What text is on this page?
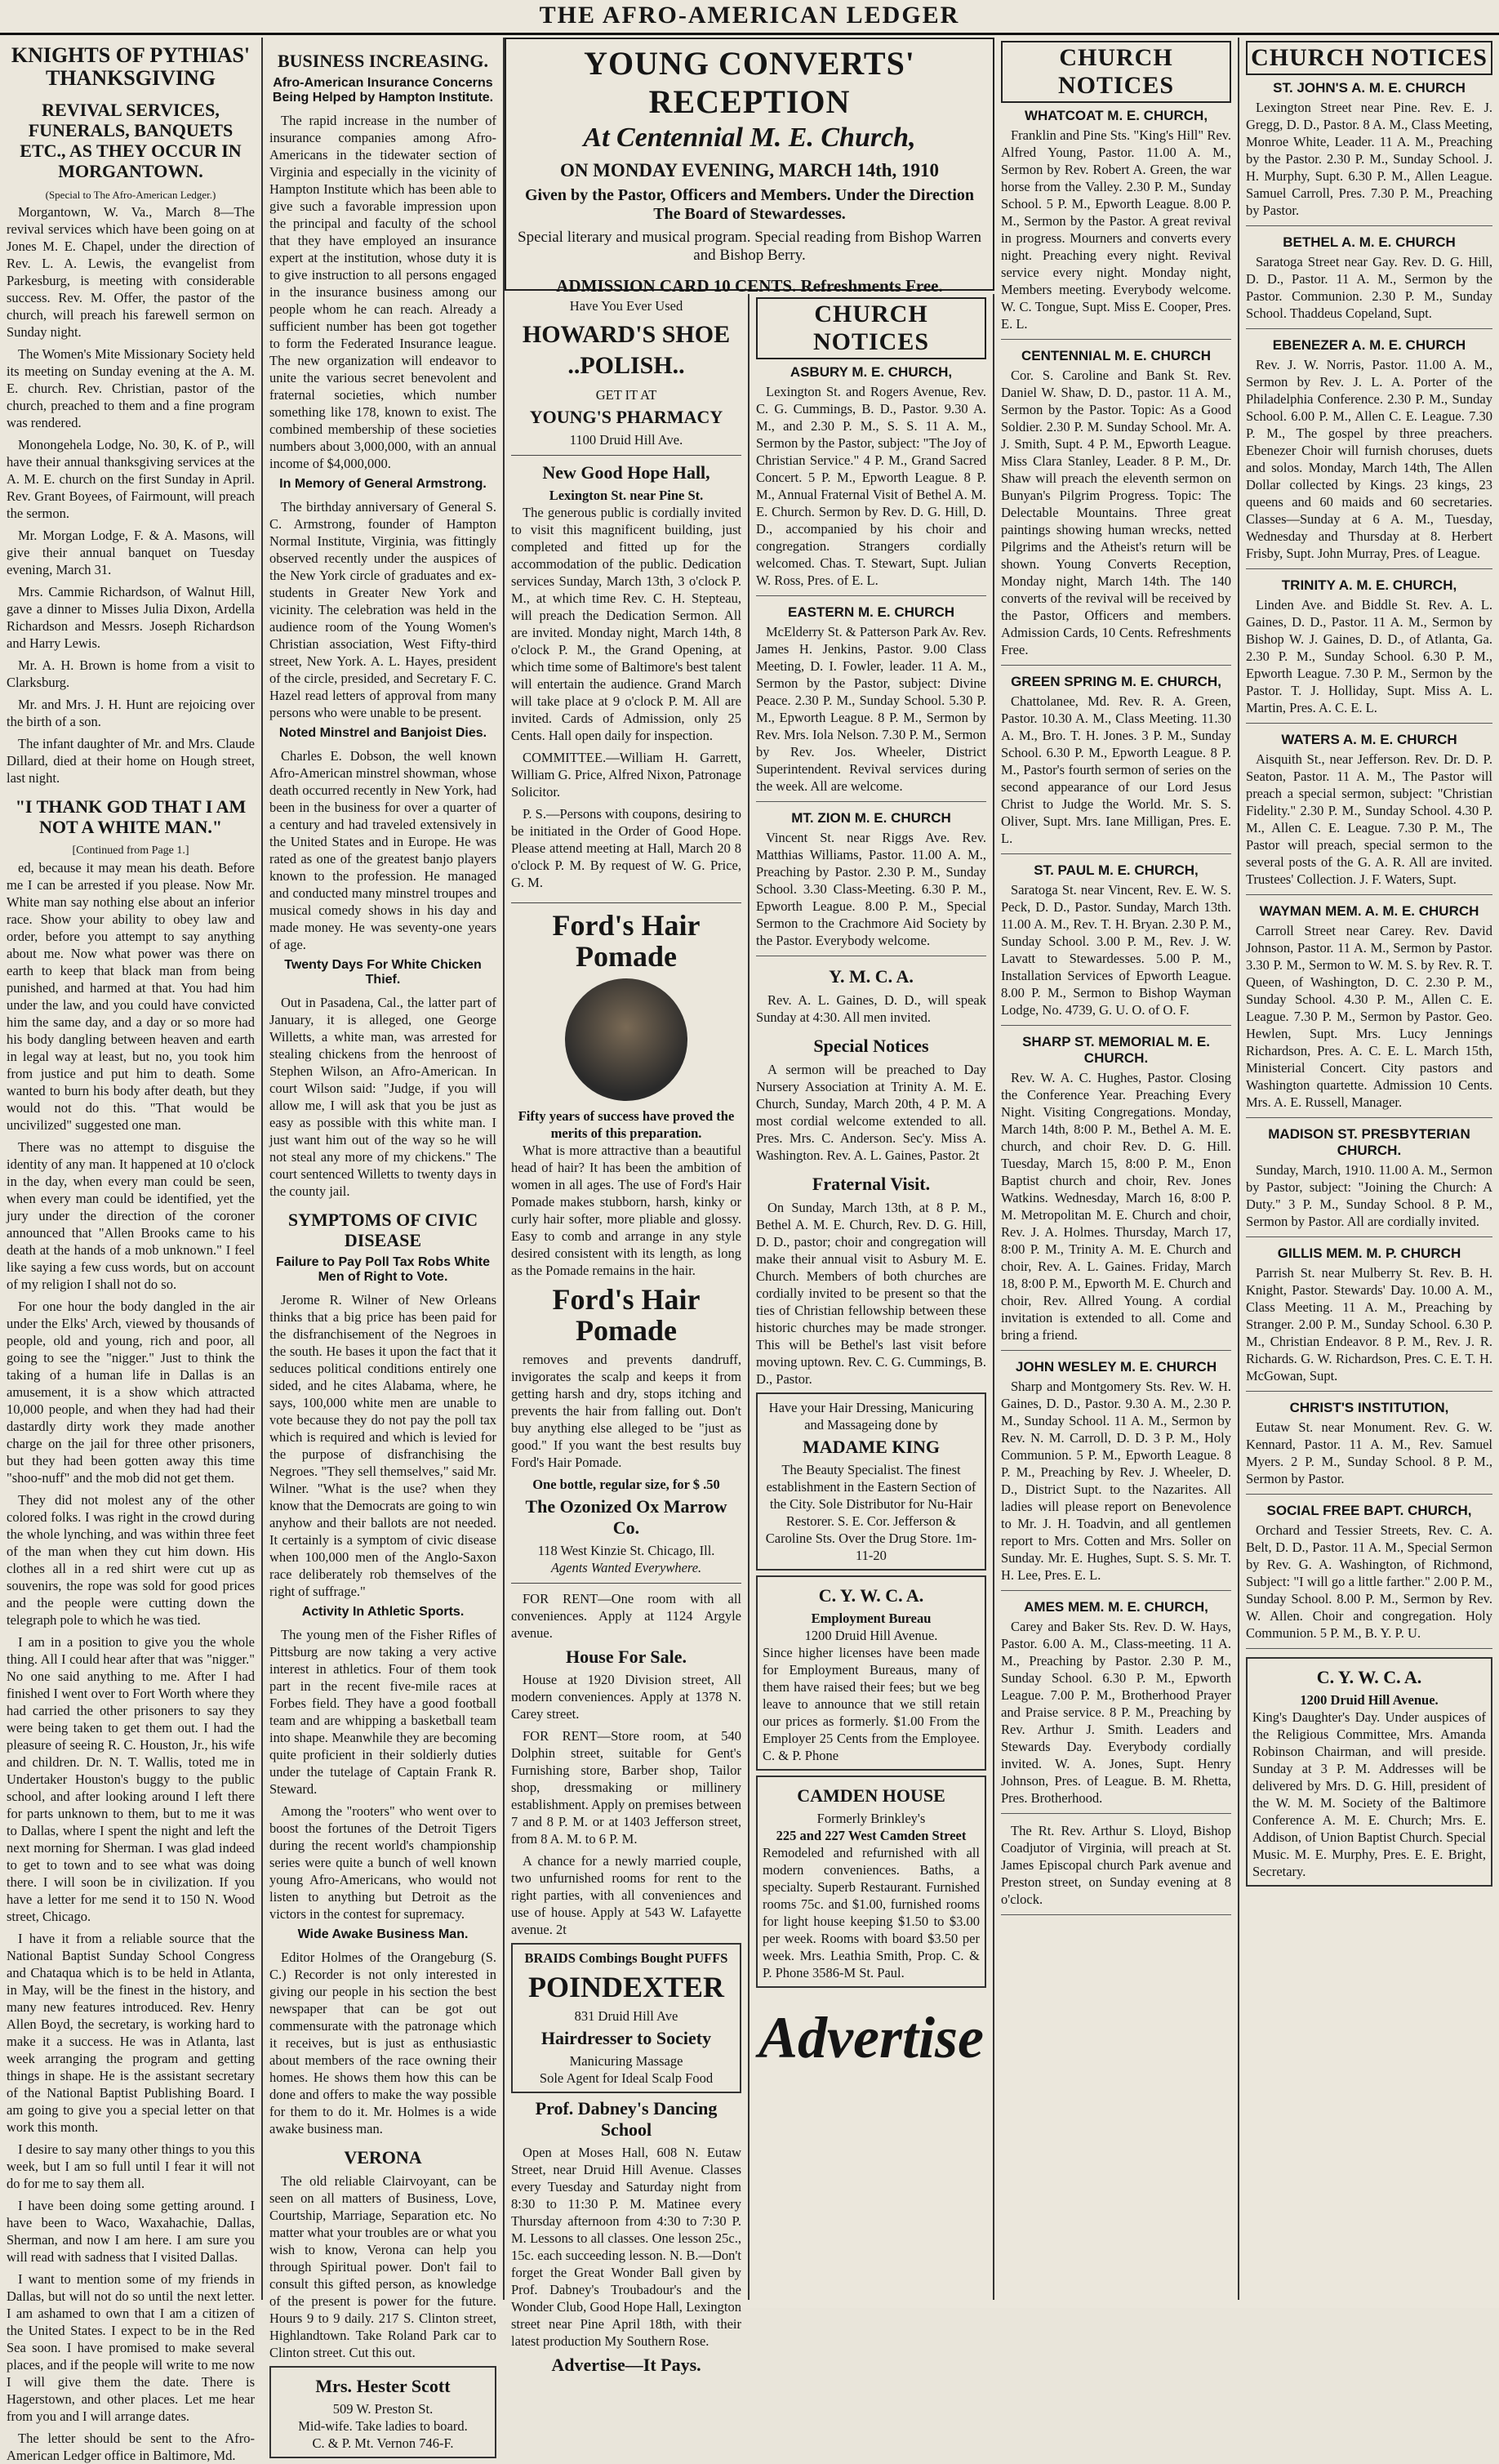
THE AFRO-AMERICAN LEDGER
KNIGHTS OF PYTHIAS' THANKSGIVING
REVIVAL SERVICES, FUNERALS, BANQUETS ETC., AS THEY OCCUR IN MORGANTOWN.
(Special to The Afro-American Ledger.)

Morgantown, W. Va., March 8—The revival services which have been going on at Jones M. E. Chapel, under the direction of Rev. L. A. Lewis, the evangelist from Parkesburg, is meeting with considerable success. Rev. M. Offer, the pastor of the church, will preach his farewell sermon on Sunday night.

The Women's Mite Missionary Society held its meeting on Sunday evening at the A. M. E. church. Rev. Christian, pastor of the church, preached to them and a fine program was rendered.

Monongehela Lodge, No. 30, K. of P., will have their annual thanksgiving services at the A. M. E. church on the first Sunday in April. Rev. Grant Boyees, of Fairmount, will preach the sermon.

Mr. Morgan Lodge, F. & A. Masons, will give their annual banquet on Tuesday evening, March 31.

Mrs. Cammie Richardson, of Walnut Hill, gave a dinner to Misses Julia Dixon, Ardella Richardson and Messrs. Joseph Richardson and Harry Lewis.

Mr. A. H. Brown is home from a visit to Clarksburg.

Mr. and Mrs. J. H. Hunt are rejoicing over the birth of a son.

The infant daughter of Mr. and Mrs. Claude Dillard, died at their home on Hough street, last night.

"I THANK GOD THAT I AM NOT A WHITE MAN."
[Continued from Page 1.]

ed, because it may mean his death. Before me I can be arrested if you please. Now Mr. White man say nothing else about an inferior race. Show your ability to obey law and order, before you attempt to say anything about me. Now what power was there on earth to keep that black man from being punished, and harmed at that. You had him under the law, and you could have convicted him the same day, and a day or so more had his body dangling between heaven and earth in legal way at least, but no, you took him from justice and put him to death. Some wanted to burn his body after death, but they would not do this. "That would be uncivilized" suggested one man.

There was no attempt to disguise the identity of any man. It happened at 10 o'clock in the day, when every man could be seen, when every man could be identified, yet the jury under the direction of the coroner announced that "Allen Brooks came to his death at the hands of a mob unknown." I feel like saying a few cuss words, but on account of my religion I shall not do so.

For one hour the body dangled in the air under the Elks' Arch, viewed by thousands of people, old and young, rich and poor, all going to see the "nigger." Just to think the taking of a human life in Dallas is an amusement, it is a show which attracted 10,000 people, and when they had had their dastardly dirty work they made another charge on the jail for three other prisoners, but they had been gotten away this time "shoo-nuff" and the mob did not get them.

They did not molest any of the other colored folks. I was right in the crowd during the whole lynching, and was within three feet of the man when they cut him down. His clothes all in a red shirt were cut up as souvenirs, the rope was sold for good prices and the people were cutting down the telegraph pole to which he was tied.

I am in a position to give you the whole thing. All I could hear after that was "nigger." No one said anything to me. After I had finished I went over to Fort Worth where they had carried the other prisoners to say they were being taken to get them out. I had the pleasure of seeing R. C. Houston, Jr., his wife and children. Dr. N. T. Wallis, toted me in Undertaker Houston's buggy to the public school, and after looking around I left there for parts unknown to them, but to me it was to Dallas, where I spent the night and left the next morning for Sherman. I was glad indeed to get to town and to see what was doing there. I will soon be in civilization. If you have a letter for me send it to 150 N. Wood street, Chicago.

I have it from a reliable source that the National Baptist Sunday School Congress and Chataqua which is to be held in Atlanta, in May, will be the finest in the history, and many new features introduced. Rev. Henry Allen Boyd, the secretary, is working hard to make it a success. He was in Atlanta, last week arranging the program and getting things in shape. He is the assistant secretary of the National Baptist Publishing Board. I am going to give you a special letter on that work this month.

I desire to say many other things to you this week, but I am so full until I fear it will not do for me to say them all.

I have been doing some getting around. I have been to Waco, Waxahachie, Dallas, Sherman, and now I am here. I am sure you will read with sadness that I visited Dallas.

I want to mention some of my friends in Dallas, but will not do so until the next letter. I am ashamed to own that I am a citizen of the United States. I expect to be in the Red Sea soon. I have promised to make several places, and if the people will write to me now I will give them the date. There is Hagerstown, and other places. Let me hear from you and I will arrange dates.

The letter should be sent to the Afro-American Ledger office in Baltimore, Md.

BUSINESS INCREASING.
Afro-American Insurance Concerns Being Helped by Hampton Institute.

The rapid increase in the number of insurance companies among Afro-Americans in the tidewater section of Virginia and especially in the vicinity of Hampton Institute which has been able to give such a favorable impression upon the principal and faculty of the school that they have employed an insurance expert at the institution, whose duty it is to give instruction to all persons engaged in the insurance business among our people whom he can reach. Already a sufficient number has been got together to form the Federated Insurance league. The new organization will endeavor to unite the various secret benevolent and fraternal societies, which number something like 178, known to exist. The combined membership of these societies numbers about 3,000,000, with an annual income of $4,000,000.

In Memory of General Armstrong.

The birthday anniversary of General S. C. Armstrong, founder of Hampton Normal Institute, Virginia, was fittingly observed recently under the auspices of the New York circle of graduates and ex-students in Greater New York and vicinity. The celebration was held in the audience room of the Young Women's Christian association, West Fifty-third street, New York. A. L. Hayes, president of the circle, presided, and Secretary F. C. Hazel read letters of approval from many persons who were unable to be present.

Noted Minstrel and Banjoist Dies.

Charles E. Dobson, the well known Afro-American minstrel showman, whose death occurred recently in New York, had been in the business for over a quarter of a century and had traveled extensively in the United States and in Europe. He was rated as one of the greatest banjo players known to the profession. He managed and conducted many minstrel troupes and musical comedy shows in his day and made money. He was seventy-one years of age.

Twenty Days For White Chicken Thief.

Out in Pasadena, Cal., the latter part of January, it is alleged, one George Willetts, a white man, was arrested for stealing chickens from the henroost of Stephen Wilson, an Afro-American. In court Wilson said: "Judge, if you will allow me, I will ask that you be just as easy as possible with this white man. I just want him out of the way so he will not steal any more of my chickens." The court sentenced Willetts to twenty days in the county jail.

SYMPTOMS OF CIVIC DISEASE
Failure to Pay Poll Tax Robs White Men of Right to Vote.

Jerome R. Wilner of New Orleans thinks that a big price has been paid for the disfranchisement of the Negroes in the south. He bases it upon the fact that it seduces political conditions entirely one sided, and he cites Alabama, where, he says, 100,000 white men are unable to vote because they do not pay the poll tax which is required and which is levied for the purpose of disfranchising the Negroes. "They sell themselves," said Mr. Wilner. "What is the use? when they know that the Democrats are going to win anyhow and their ballots are not needed. It certainly is a symptom of civic disease when 100,000 men of the Anglo-Saxon race deliberately rob themselves of the right of suffrage."

Activity In Athletic Sports.

The young men of the Fisher Rifles of Pittsburg are now taking a very active interest in athletics. Four of them took part in the recent five-mile races at Forbes field. They have a good football team and are whipping a basketball team into shape. Meanwhile they are becoming quite proficient in their soldierly duties under the tutelage of Captain Frank R. Steward.

Among the "rooters" who went over to boost the fortunes of the Detroit Tigers during the recent world's championship series were quite a bunch of well known young Afro-Americans, who would not listen to anything but Detroit as the victors in the contest for supremacy.

Wide Awake Business Man.

Editor Holmes of the Orangeburg (S. C.) Recorder is not only interested in giving our people in his section the best newspaper that can be got out commensurate with the patronage which it receives, but is just as enthusiastic about members of the race owning their homes. He shows them how this can be done and offers to make the way possible for them to do it. Mr. Holmes is a wide awake business man.

VERONA

The old reliable Clairvoyant, can be seen on all matters of Business, Love, Courtship, Marriage, Separation etc. No matter what your troubles are or what you wish to know, Verona can help you through Spiritual power. Don't fail to consult this gifted person, as knowledge of the present is power for the future. Hours 9 to 9 daily. 217 S. Clinton street, Highlandtown. Take Roland Park car to Clinton street. Cut this out.

Mrs. Hester Scott
509 W. Preston St.
Mid-wife. Take ladies to board.
C. & P. Mt. Vernon 746-F.
YOUNG CONVERTS' RECEPTION
At Centennial M. E. Church,
ON MONDAY EVENING, MARCH 14th, 1910
Given by the Pastor, Officers and Members. Under the Direction The Board of Stewardesses.
Special literary and musical program. Special reading from Bishop Warren and Bishop Berry.
ADMISSION CARD 10 CENTS. Refreshments Free.
Have You Ever Used
HOWARD'S SHOE ..POLISH..
GET IT AT
YOUNG'S PHARMACY
1100 Druid Hill Ave.
New Good Hope Hall,
Lexington St. near Pine St.

The generous public is cordially invited to visit this magnificent building, just completed and fitted up for the accommodation of the public. Dedication services Sunday, March 13th, 3 o'clock P. M., at which time Rev. C. H. Stepteau, will preach the Dedication Sermon. All are invited. Monday night, March 14th, 8 o'clock P. M., the Grand Opening, at which time some of Baltimore's best talent will entertain the audience. Grand March will take place at 9 o'clock P. M. All are invited. Cards of Admission, only 25 Cents. Hall open daily for inspection.

COMMITTEE.—William H. Garrett, William G. Price, Alfred Nixon, Patronage Solicitor.

P. S.—Persons with coupons, desiring to be initiated in the Order of Good Hope. Please attend meeting at Hall, March 20 8 o'clock P. M. By request of W. G. Price, G. M.

Ford's Hair Pomade
Fifty years of success have proved the merits of this preparation.

What is more attractive than a beautiful head of hair? It has been the ambition of women in all ages. The use of Ford's Hair Pomade makes stubborn, harsh, kinky or curly hair softer, more pliable and glossy. Easy to comb and arrange in any style desired consistent with its length, as long as the Pomade remains in the hair.

Ford's Hair Pomade

removes and prevents dandruff, invigorates the scalp and keeps it from getting harsh and dry, stops itching and prevents the hair from falling out. Don't buy anything else alleged to be "just as good." If you want the best results buy Ford's Hair Pomade.

One bottle, regular size, for $ .50
The Ozonized Ox Marrow Co.
118 West Kinzie St. Chicago, Ill.
Agents Wanted Everywhere.

FOR RENT—One room with all conveniences. Apply at 1124 Argyle avenue.

House For Sale.

House at 1920 Division street, All modern conveniences. Apply at 1378 N. Carey street.

FOR RENT—Store room, at 540 Dolphin street, suitable for Gent's Furnishing store, Barber shop, Tailor shop, dressmaking or millinery establishment. Apply on premises between 7 and 8 P. M. or at 1403 Jefferson street, from 8 A. M. to 6 P. M.

A chance for a newly married couple, two unfurnished rooms for rent to the right parties, with all conveniences and use of house. Apply at 543 W. Lafayette avenue. 2t

BRAIDS Combings Bought PUFFS
POINDEXTER
831 Druid Hill Ave
Hairdresser to Society
Manicuring Massage
Sole Agent for Ideal Scalp Food
Prof. Dabney's Dancing School

Open at Moses Hall, 608 N. Eutaw Street, near Druid Hill Avenue. Classes every Tuesday and Saturday night from 8:30 to 11:30 P. M. Matinee every Thursday afternoon from 4:30 to 7:30 P. M. Lessons to all classes. One lesson 25c., 15c. each succeeding lesson. N. B.—Don't forget the Great Wonder Ball given by Prof. Dabney's Troubadour's and the Wonder Club, Good Hope Hall, Lexington street near Pine April 18th, with their latest production My Southern Rose.

Advertise—It Pays.
CHURCH NOTICES
ASBURY M. E. CHURCH,

Lexington St. and Rogers Avenue, Rev. C. G. Cummings, B. D., Pastor. 9.30 A. M., and 2.30 P. M., S. S. 11 A. M., Sermon by the Pastor, subject: "The Joy of Christian Service." 4 P. M., Grand Sacred Concert. 5 P. M., Epworth League. 8 P. M., Annual Fraternal Visit of Bethel A. M. E. Church. Sermon by Rev. D. G. Hill, D. D., accompanied by his choir and congregation. Strangers cordially welcomed. Chas. T. Stewart, Supt. Julian W. Ross, Pres. of E. L.

EASTERN M. E. CHURCH

McElderry St. & Patterson Park Av. Rev. James H. Jenkins, Pastor. 9.00 Class Meeting, D. I. Fowler, leader. 11 A. M., Sermon by the Pastor, subject: Divine Peace. 2.30 P. M., Sunday School. 5.30 P. M., Epworth League. 8 P. M., Sermon by Rev. Mrs. Iola Nelson. 7.30 P. M., Sermon by Rev. Jos. Wheeler, District Superintendent. Revival services during the week. All are welcome.

MT. ZION M. E. CHURCH

Vincent St. near Riggs Ave. Rev. Matthias Williams, Pastor. 11.00 A. M., Preaching by Pastor. 2.30 P. M., Sunday School. 3.30 Class-Meeting. 6.30 P. M., Epworth League. 8.00 P. M., Special Sermon to the Crachmore Aid Society by the Pastor. Everybody welcome.

Y. M. C. A.

Rev. A. L. Gaines, D. D., will speak Sunday at 4:30. All men invited.

Special Notices

A sermon will be preached to Day Nursery Association at Trinity A. M. E. Church, Sunday, March 20th, 4 P. M. A most cordial welcome extended to all. Pres. Mrs. C. Anderson. Sec'y. Miss A. Washington. Rev. A. L. Gaines, Pastor. 2t

Fraternal Visit.

On Sunday, March 13th, at 8 P. M., Bethel A. M. E. Church, Rev. D. G. Hill, D. D., pastor; choir and congregation will make their annual visit to Asbury M. E. Church. Members of both churches are cordially invited to be present so that the ties of Christian fellowship between these historic churches may be made stronger. This will be Bethel's last visit before moving uptown. Rev. C. G. Cummings, B. D., Pastor.

Have your Hair Dressing, Manicuring and Massageing done by
MADAME KING
The Beauty Specialist. The finest establishment in the Eastern Section of the City. Sole Distributor for Nu-Hair Restorer. S. E. Cor. Jefferson & Caroline Sts. Over the Drug Store. 1m-11-20
C. Y. W. C. A.
Employment Bureau
1200 Druid Hill Avenue.
Since higher licenses have been made for Employment Bureaus, many of them have raised their fees; but we beg leave to announce that we still retain our prices as formerly. $1.00 From the Employer 25 Cents from the Employee. C. & P. Phone
CAMDEN HOUSE
Formerly Brinkley's
225 and 227 West Camden Street
Remodeled and refurnished with all modern conveniences. Baths, a specialty. Superb Restaurant. Furnished rooms 75c. and $1.00, furnished rooms for light house keeping $1.50 to $3.00 per week. Rooms with board $3.50 per week. Mrs. Leathia Smith, Prop. C. & P. Phone 3586-M St. Paul.
Advertise
CHURCH NOTICES
WHATCOAT M. E. CHURCH,

Franklin and Pine Sts. "King's Hill" Rev. Alfred Young, Pastor. 11.00 A. M., Sermon by Rev. Robert A. Green, the war horse from the Valley. 2.30 P. M., Sunday School. 5 P. M., Epworth League. 8.00 P. M., Sermon by the Pastor. A great revival in progress. Mourners and converts every night. Preaching every night. Revival service every night. Monday night, Members meeting. Everybody welcome. W. C. Tongue, Supt. Miss E. Cooper, Pres. E. L.

CENTENNIAL M. E. CHURCH

Cor. S. Caroline and Bank St. Rev. Daniel W. Shaw, D. D., pastor. 11 A. M., Sermon by the Pastor. Topic: As a Good Soldier. 2.30 P. M. Sunday School. Mr. A. J. Smith, Supt. 4 P. M., Epworth League. Miss Clara Stanley, Leader. 8 P. M., Dr. Shaw will preach the eleventh sermon on Bunyan's Pilgrim Progress. Topic: The Delectable Mountains. Three great paintings showing human wrecks, netted Pilgrims and the Atheist's return will be shown. Young Converts Reception, Monday night, March 14th. The 140 converts of the revival will be received by the Pastor, Officers and members. Admission Cards, 10 Cents. Refreshments Free.

GREEN SPRING M. E. CHURCH,

Chattolanee, Md. Rev. R. A. Green, Pastor. 10.30 A. M., Class Meeting. 11.30 A. M., Bro. T. H. Jones. 3 P. M., Sunday School. 6.30 P. M., Epworth League. 8 P. M., Pastor's fourth sermon of series on the second appearance of our Lord Jesus Christ to Judge the World. Mr. S. S. Oliver, Supt. Mrs. Iane Milligan, Pres. E. L.

ST. PAUL M. E. CHURCH,

Saratoga St. near Vincent, Rev. E. W. S. Peck, D. D., Pastor. Sunday, March 13th. 11.00 A. M., Rev. T. H. Bryan. 2.30 P. M., Sunday School. 3.00 P. M., Rev. J. W. Lavatt to Stewardesses. 5.00 P. M., Installation Services of Epworth League. 8.00 P. M., Sermon to Bishop Wayman Lodge, No. 4739, G. U. O. of O. F.

SHARP ST. MEMORIAL M. E. CHURCH.

Rev. W. A. C. Hughes, Pastor. Closing the Conference Year. Preaching Every Night. Visiting Congregations. Monday, March 14th, 8:00 P. M., Bethel A. M. E. church, and choir Rev. D. G. Hill. Tuesday, March 15, 8:00 P. M., Enon Baptist church and choir, Rev. Jones Watkins. Wednesday, March 16, 8:00 P. M. Metropolitan M. E. Church and choir, Rev. J. A. Holmes. Thursday, March 17, 8:00 P. M., Trinity A. M. E. Church and choir, Rev. A. L. Gaines. Friday, March 18, 8:00 P. M., Epworth M. E. Church and choir, Rev. Allred Young. A cordial invitation is extended to all. Come and bring a friend.

JOHN WESLEY M. E. CHURCH

Sharp and Montgomery Sts. Rev. W. H. Gaines, D. D., Pastor. 9.30 A. M., 2.30 P. M., Sunday School. 11 A. M., Sermon by Rev. N. M. Carroll, D. D. 3 P. M., Holy Communion. 5 P. M., Epworth League. 8 P. M., Preaching by Rev. J. Wheeler, D. D., District Supt. to the Nazarites. All ladies will please report on Benevolence to Mr. J. H. Toadvin, and all gentlemen report to Mrs. Cotten and Mrs. Soller on Sunday. Mr. E. Hughes, Supt. S. S. Mr. T. H. Lee, Pres. E. L.

AMES MEM. M. E. CHURCH,

Carey and Baker Sts. Rev. D. W. Hays, Pastor. 6.00 A. M., Class-meeting. 11 A. M., Preaching by Pastor. 2.30 P. M., Sunday School. 6.30 P. M., Epworth League. 7.00 P. M., Brotherhood Prayer and Praise service. 8 P. M., Preaching by Rev. Arthur J. Smith. Leaders and Stewards Day. Everybody cordially invited. W. A. Jones, Supt. Henry Johnson, Pres. of League. B. M. Rhetta, Pres. Brotherhood.

The Rt. Rev. Arthur S. Lloyd, Bishop Coadjutor of Virginia, will preach at St. James Episcopal church Park avenue and Preston street, on Sunday evening at 8 o'clock.

CHURCH NOTICES
ST. JOHN'S A. M. E. CHURCH

Lexington Street near Pine. Rev. E. J. Gregg, D. D., Pastor. 8 A. M., Class Meeting, Monroe White, Leader. 11 A. M., Preaching by the Pastor. 2.30 P. M., Sunday School. J. H. Murphy, Supt. 6.30 P. M., Allen League. Samuel Carroll, Pres. 7.30 P. M., Preaching by Pastor.

BETHEL A. M. E. CHURCH

Saratoga Street near Gay. Rev. D. G. Hill, D. D., Pastor. 11 A. M., Sermon by the Pastor. Communion. 2.30 P. M., Sunday School. Thaddeus Copeland, Supt.

EBENEZER A. M. E. CHURCH

Rev. J. W. Norris, Pastor. 11.00 A. M., Sermon by Rev. J. L. A. Porter of the Philadelphia Conference. 2.30 P. M., Sunday School. 6.00 P. M., Allen C. E. League. 7.30 P. M., The gospel by three preachers. Ebenezer Choir will furnish choruses, duets and solos. Monday, March 14th, The Allen Dollar collected by Kings. 23 kings, 23 queens and 60 maids and 60 secretaries. Classes—Sunday at 6 A. M., Tuesday, Wednesday and Thursday at 8. Herbert Frisby, Supt. John Murray, Pres. of League.

TRINITY A. M. E. CHURCH,

Linden Ave. and Biddle St. Rev. A. L. Gaines, D. D., Pastor. 11 A. M., Sermon by Bishop W. J. Gaines, D. D., of Atlanta, Ga. 2.30 P. M., Sunday School. 6.30 P. M., Epworth League. 7.30 P. M., Sermon by the Pastor. T. J. Holliday, Supt. Miss A. L. Martin, Pres. A. C. E. L.

WATERS A. M. E. CHURCH

Aisquith St., near Jefferson. Rev. Dr. D. P. Seaton, Pastor. 11 A. M., The Pastor will preach a special sermon, subject: "Christian Fidelity." 2.30 P. M., Sunday School. 4.30 P. M., Allen C. E. League. 7.30 P. M., The Pastor will preach, special sermon to the several posts of the G. A. R. All are invited. Trustees' Collection. J. F. Waters, Supt.

WAYMAN MEM. A. M. E. CHURCH

Carroll Street near Carey. Rev. David Johnson, Pastor. 11 A. M., Sermon by Pastor. 3.30 P. M., Sermon to W. M. S. by Rev. R. T. Queen, of Washington, D. C. 2.30 P. M., Sunday School. 4.30 P. M., Allen C. E. League. 7.30 P. M., Sermon by Pastor. Geo. Hewlen, Supt. Mrs. Lucy Jennings Richardson, Pres. A. C. E. L. March 15th, Ministerial Concert. City pastors and Washington quartette. Admission 10 Cents. Mrs. A. E. Russell, Manager.

MADISON ST. PRESBYTERIAN CHURCH.

Sunday, March, 1910. 11.00 A. M., Sermon by Pastor, subject: "Joining the Church: A Duty." 3 P. M., Sunday School. 8 P. M., Sermon by Pastor. All are cordially invited.

GILLIS MEM. M. P. CHURCH

Parrish St. near Mulberry St. Rev. B. H. Knight, Pastor. Stewards' Day. 10.00 A. M., Class Meeting. 11 A. M., Preaching by Stranger. 2.00 P. M., Sunday School. 6.30 P. M., Christian Endeavor. 8 P. M., Rev. J. R. Richards. G. W. Richardson, Pres. C. E. T. H. McGowan, Supt.

CHRIST'S INSTITUTION,

Eutaw St. near Monument. Rev. G. W. Kennard, Pastor. 11 A. M., Rev. Samuel Myers. 2 P. M., Sunday School. 8 P. M., Sermon by Pastor.

SOCIAL FREE BAPT. CHURCH,

Orchard and Tessier Streets, Rev. C. A. Belt, D. D., Pastor. 11 A. M., Special Sermon by Rev. G. A. Washington, of Richmond, Subject: "I will go a little farther." 2.00 P. M., Sunday School. 8.00 P. M., Sermon by Rev. W. Allen. Choir and congregation. Holy Communion. 5 P. M., B. Y. P. U.

C. Y. W. C. A.
1200 Druid Hill Avenue.
King's Daughter's Day. Under auspices of the Religious Committee, Mrs. Amanda Robinson Chairman, and will preside. Sunday at 3 P. M. Addresses will be delivered by Mrs. D. G. Hill, president of the W. M. M. Society of the Baltimore Conference A. M. E. Church; Mrs. E. Addison, of Union Baptist Church. Special Music. M. E. Murphy, Pres. E. E. Bright, Secretary.
